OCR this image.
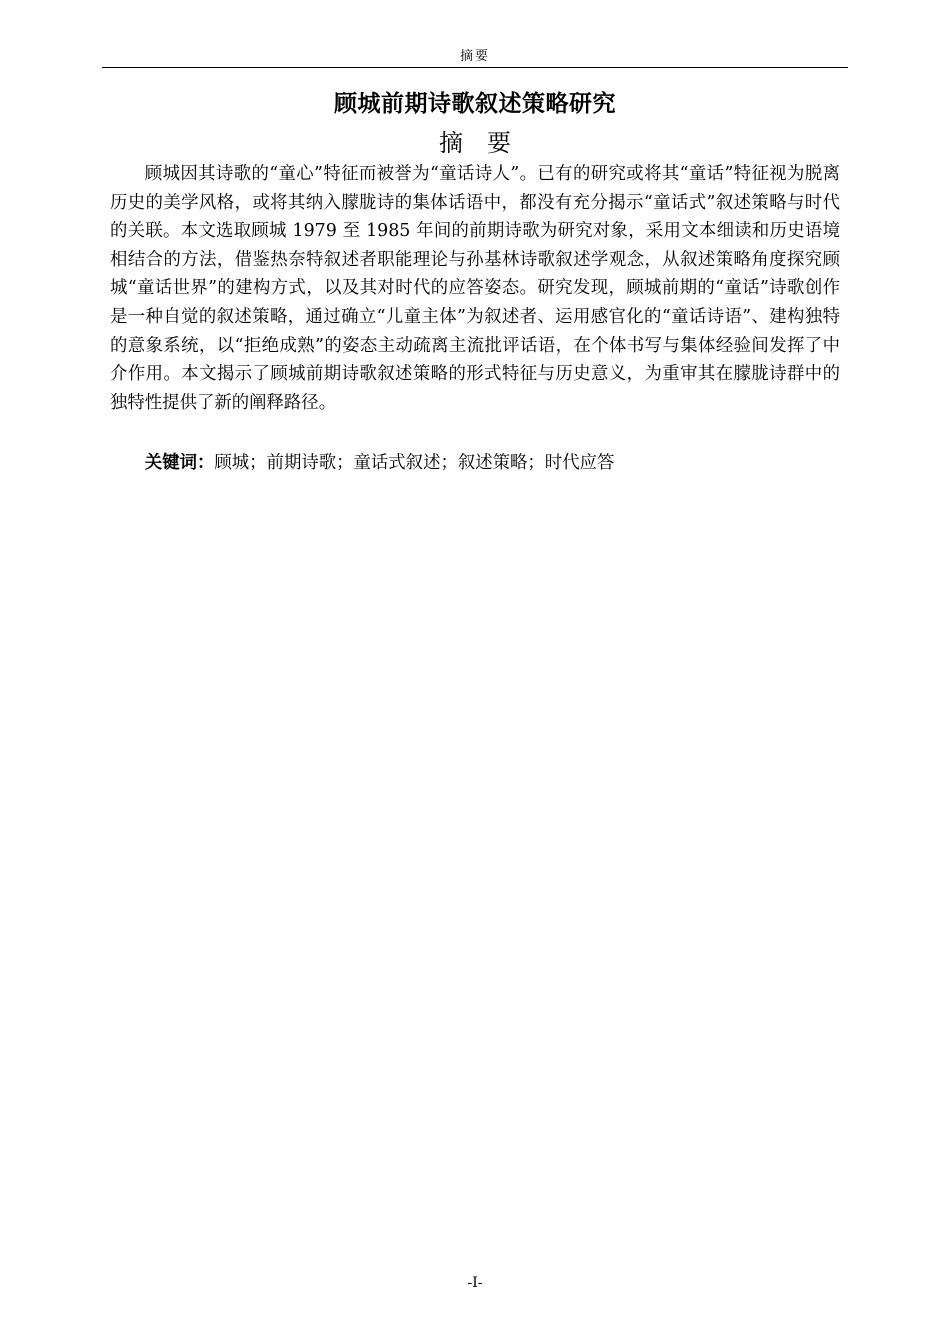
摘要
顾城前期诗歌叙述策略研究
摘　要

顾城因其诗歌的“童心”特征而被誉为“童话诗人”。已有的研究或将其“童话”特征视为脱离历史的美学风格，或将其纳入朦胧诗的集体话语中，都没有充分揭示“童话式”叙述策略与时代的关联。本文选取顾城 1979 至 1985 年间的前期诗歌为研究对象，采用文本细读和历史语境相结合的方法，借鉴热奈特叙述者职能理论与孙基林诗歌叙述学观念，从叙述策略角度探究顾城“童话世界”的建构方式，以及其对时代的应答姿态。研究发现，顾城前期的“童话”诗歌创作是一种自觉的叙述策略，通过确立“儿童主体”为叙述者、运用感官化的“童话诗语”、建构独特的意象系统，以“拒绝成熟”的姿态主动疏离主流批评话语，在个体书写与集体经验间发挥了中介作用。本文揭示了顾城前期诗歌叙述策略的形式特征与历史意义，为重审其在朦胧诗群中的独特性提供了新的阐释路径。

关键词：顾城；前期诗歌；童话式叙述；叙述策略；时代应答

-I-
